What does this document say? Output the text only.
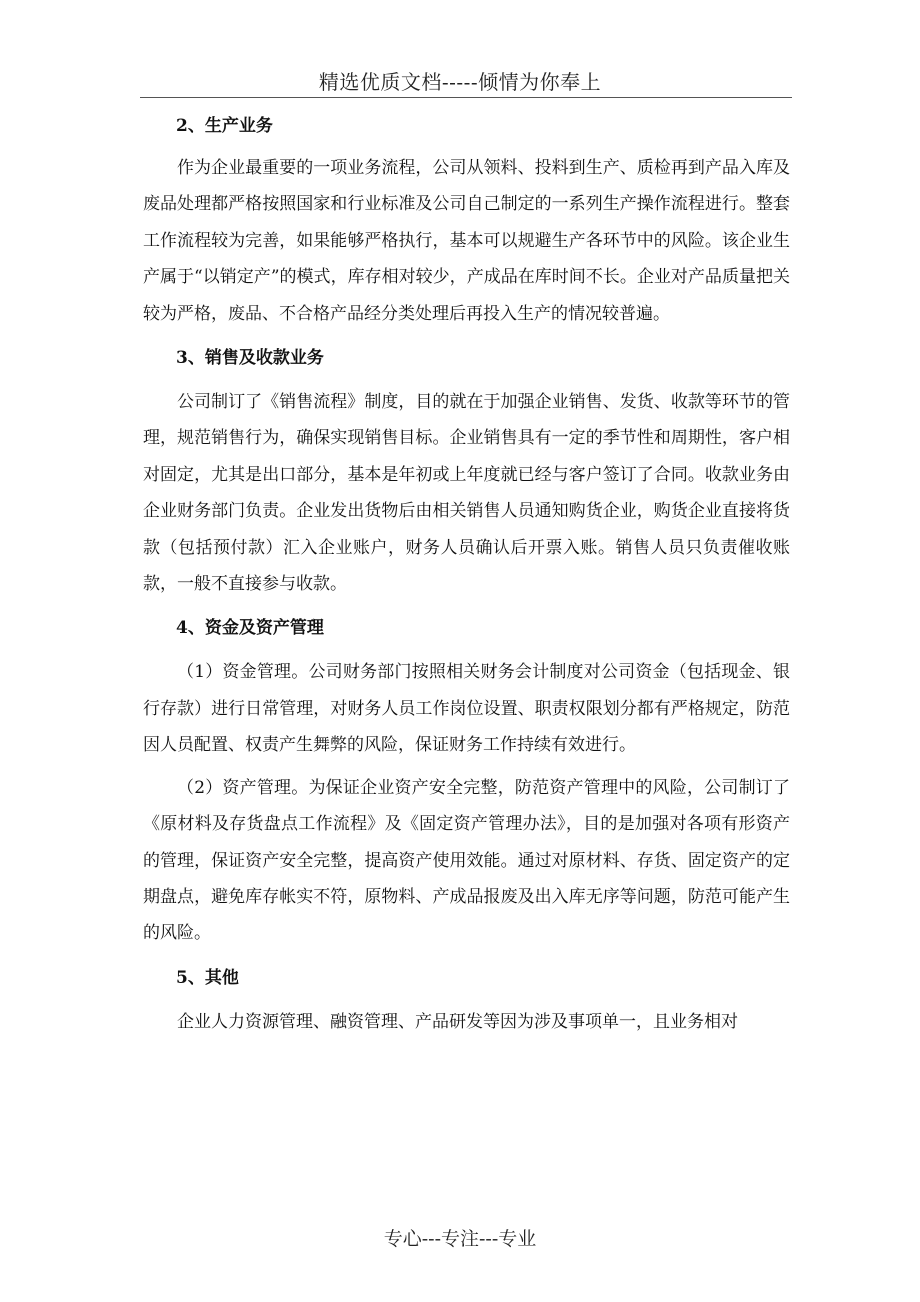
精选优质文档-----倾情为你奉上
2、生产业务

作为企业最重要的一项业务流程，公司从领料、投料到生产、质检再到产品入库及废品处理都严格按照国家和行业标准及公司自己制定的一系列生产操作流程进行。整套工作流程较为完善，如果能够严格执行，基本可以规避生产各环节中的风险。该企业生产属于“以销定产”的模式，库存相对较少，产成品在库时间不长。企业对产品质量把关较为严格，废品、不合格产品经分类处理后再投入生产的情况较普遍。

3、销售及收款业务

公司制订了《销售流程》制度，目的就在于加强企业销售、发货、收款等环节的管理，规范销售行为，确保实现销售目标。企业销售具有一定的季节性和周期性，客户相对固定，尤其是出口部分，基本是年初或上年度就已经与客户签订了合同。收款业务由企业财务部门负责。企业发出货物后由相关销售人员通知购货企业，购货企业直接将货款（包括预付款）汇入企业账户，财务人员确认后开票入账。销售人员只负责催收账款，一般不直接参与收款。

4、资金及资产管理

（1）资金管理。公司财务部门按照相关财务会计制度对公司资金（包括现金、银行存款）进行日常管理，对财务人员工作岗位设置、职责权限划分都有严格规定，防范因人员配置、权责产生舞弊的风险，保证财务工作持续有效进行。

（2）资产管理。为保证企业资产安全完整，防范资产管理中的风险，公司制订了《原材料及存货盘点工作流程》及《固定资产管理办法》，目的是加强对各项有形资产的管理，保证资产安全完整，提高资产使用效能。通过对原材料、存货、固定资产的定期盘点，避免库存帐实不符，原物料、产成品报废及出入库无序等问题，防范可能产生的风险。

5、其他

企业人力资源管理、融资管理、产品研发等因为涉及事项单一，且业务相对

专心---专注---专业
